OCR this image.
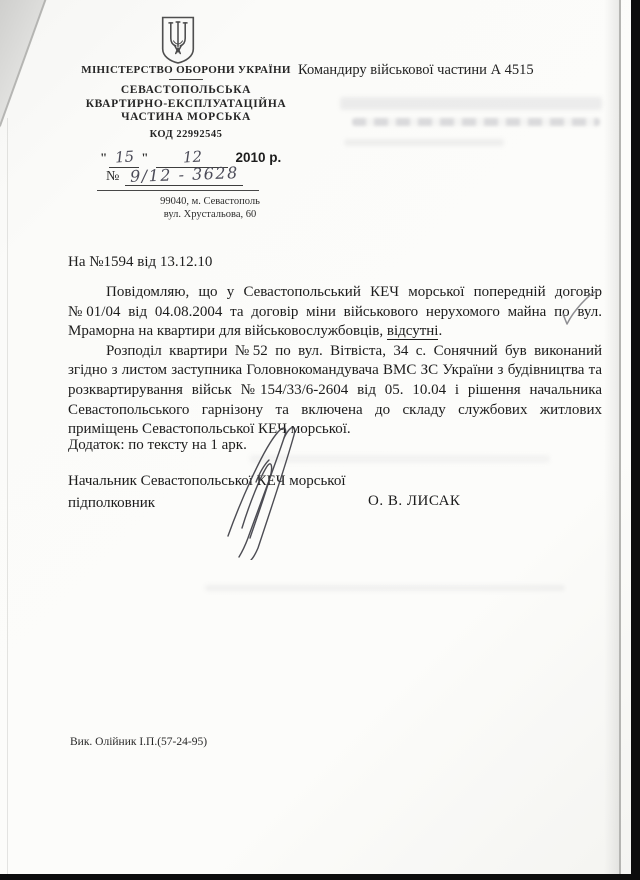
МІНІСТЕРСТВО ОБОРОНИ УКРАЇНИ
СЕВАСТОПОЛЬСЬКА
КВАРТИРНО-ЕКСПЛУАТАЦІЙНА
ЧАСТИНА МОРСЬКА
КОД 22992545
Командиру військової частини А 4515
" 15 "	12	2010 р.
№ 9/12 - 3628
99040, м. Севастополь
вул. Хрустальова, 60
На №1594 від 13.12.10

Повідомляю, що у Севастопольський КЕЧ морської попередній договір №01/04 від 04.08.2004 та договір міни військового нерухомого майна по вул. Мраморна на квартири для військовослужбовців, відсутні.

Розподіл квартири №52 по вул. Вітвіста, 34 с. Сонячний був виконаний згідно з листом заступника Головнокомандувача ВМС ЗС України з будівництва та розквартирування військ №154/33/6-2604 від 05. 10.04 і рішення начальника Севастопольського гарнізону та включена до складу службових житлових приміщень Севастопольської КЕЧ морської.

Додаток: по тексту на 1 арк.
Начальник Севастопольської КЕЧ морської
підполковник	О. В. ЛИСАК
Вик. Олійник І.П.(57-24-95)
